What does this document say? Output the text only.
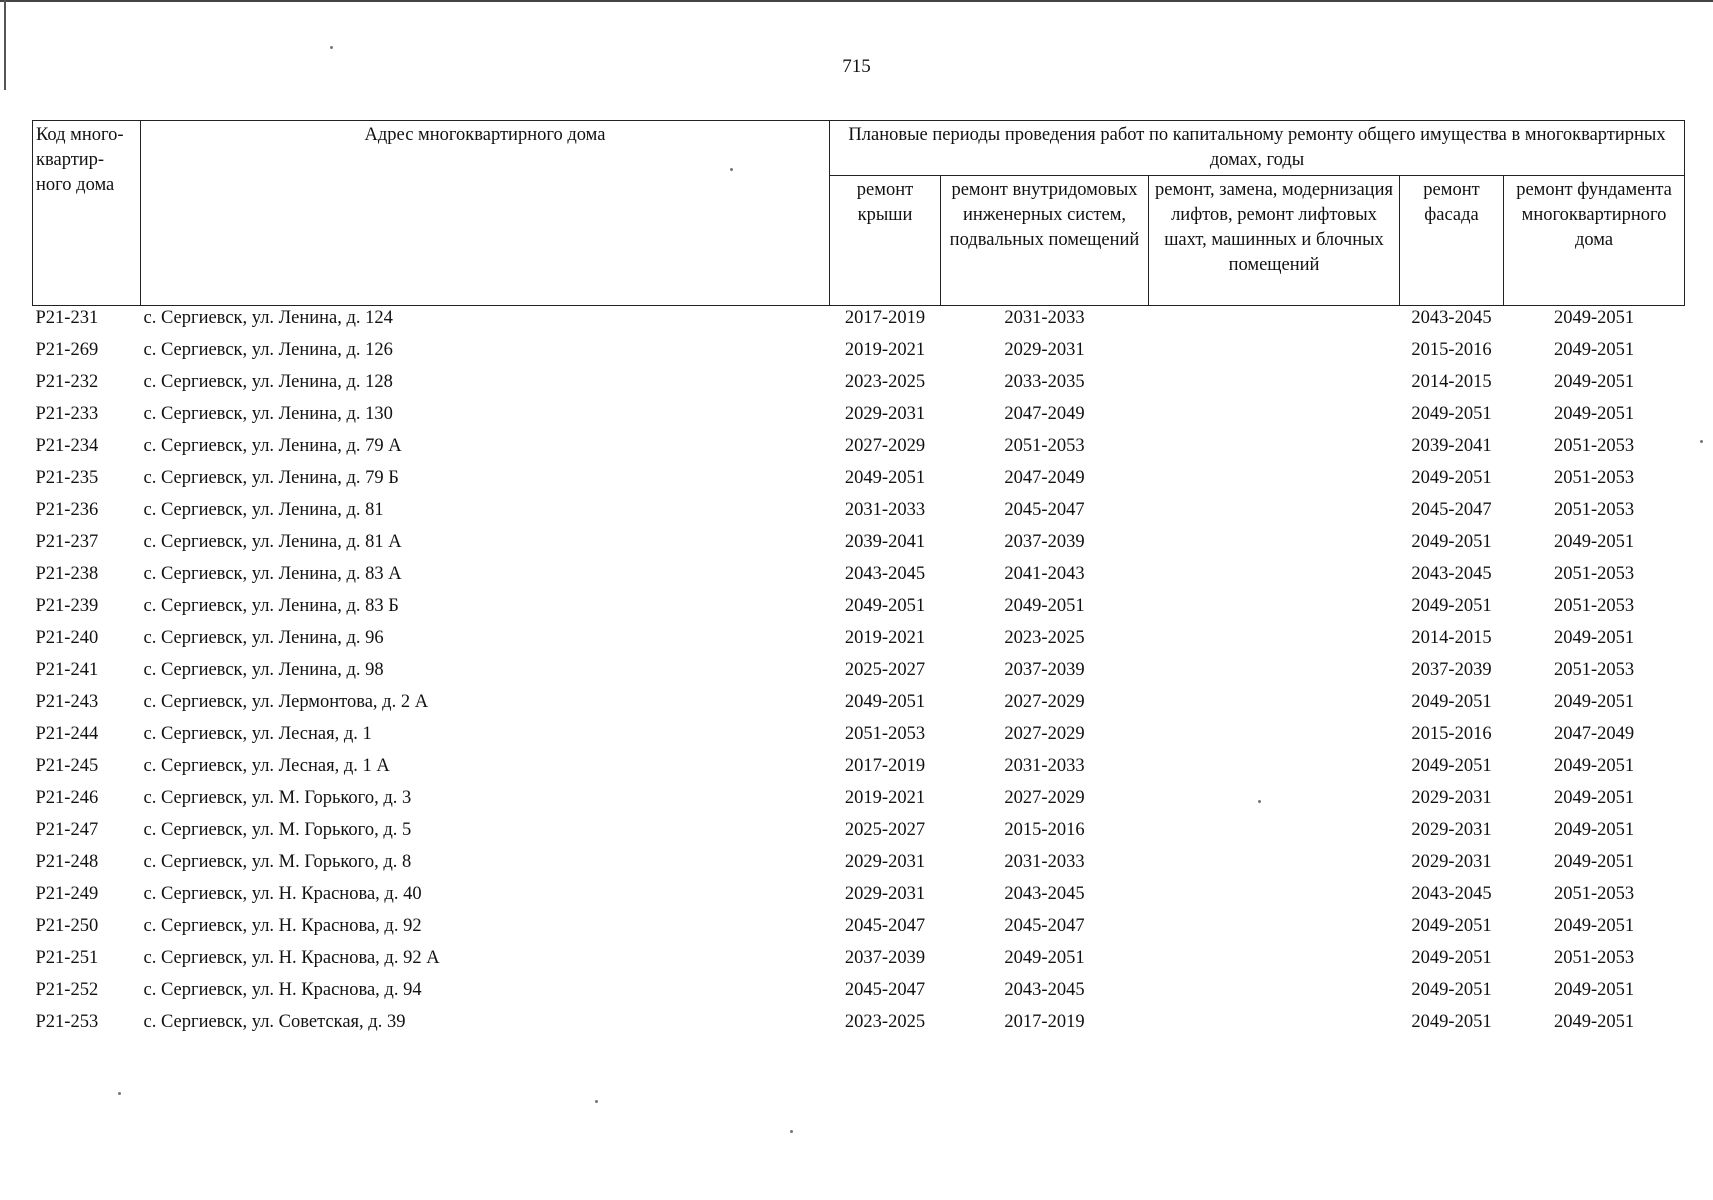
715
Код много-квартир-ного дома	Адрес многоквартирного дома	Плановые периоды проведения работ по капитальному ремонту общего имущества в многоквартирных домах, годы				
		ремонт крыши	ремонт внутридомовых инженерных систем, подвальных помещений	ремонт, замена, модернизация лифтов, ремонт лифтовых шахт, машинных и блочных помещений	ремонт фасада	ремонт фундамента многоквартирного дома
P21-231	с. Сергиевск, ул. Ленина, д. 124	2017-2019	2031-2033		2043-2045	2049-2051
P21-269	с. Сергиевск, ул. Ленина, д. 126	2019-2021	2029-2031		2015-2016	2049-2051
P21-232	с. Сергиевск, ул. Ленина, д. 128	2023-2025	2033-2035		2014-2015	2049-2051
P21-233	с. Сергиевск, ул. Ленина, д. 130	2029-2031	2047-2049		2049-2051	2049-2051
P21-234	с. Сергиевск, ул. Ленина, д. 79 А	2027-2029	2051-2053		2039-2041	2051-2053
P21-235	с. Сергиевск, ул. Ленина, д. 79 Б	2049-2051	2047-2049		2049-2051	2051-2053
P21-236	с. Сергиевск, ул. Ленина, д. 81	2031-2033	2045-2047		2045-2047	2051-2053
P21-237	с. Сергиевск, ул. Ленина, д. 81 А	2039-2041	2037-2039		2049-2051	2049-2051
P21-238	с. Сергиевск, ул. Ленина, д. 83 А	2043-2045	2041-2043		2043-2045	2051-2053
P21-239	с. Сергиевск, ул. Ленина, д. 83 Б	2049-2051	2049-2051		2049-2051	2051-2053
P21-240	с. Сергиевск, ул. Ленина, д. 96	2019-2021	2023-2025		2014-2015	2049-2051
P21-241	с. Сергиевск, ул. Ленина, д. 98	2025-2027	2037-2039		2037-2039	2051-2053
P21-243	с. Сергиевск, ул. Лермонтова, д. 2 А	2049-2051	2027-2029		2049-2051	2049-2051
P21-244	с. Сергиевск, ул. Лесная, д. 1	2051-2053	2027-2029		2015-2016	2047-2049
P21-245	с. Сергиевск, ул. Лесная, д. 1 А	2017-2019	2031-2033		2049-2051	2049-2051
P21-246	с. Сергиевск, ул. М. Горького, д. 3	2019-2021	2027-2029		2029-2031	2049-2051
P21-247	с. Сергиевск, ул. М. Горького, д. 5	2025-2027	2015-2016		2029-2031	2049-2051
P21-248	с. Сергиевск, ул. М. Горького, д. 8	2029-2031	2031-2033		2029-2031	2049-2051
P21-249	с. Сергиевск, ул. Н. Краснова, д. 40	2029-2031	2043-2045		2043-2045	2051-2053
P21-250	с. Сергиевск, ул. Н. Краснова, д. 92	2045-2047	2045-2047		2049-2051	2049-2051
P21-251	с. Сергиевск, ул. Н. Краснова, д. 92 А	2037-2039	2049-2051		2049-2051	2051-2053
P21-252	с. Сергиевск, ул. Н. Краснова, д. 94	2045-2047	2043-2045		2049-2051	2049-2051
P21-253	с. Сергиевск, ул. Советская, д. 39	2023-2025	2017-2019		2049-2051	2049-2051
